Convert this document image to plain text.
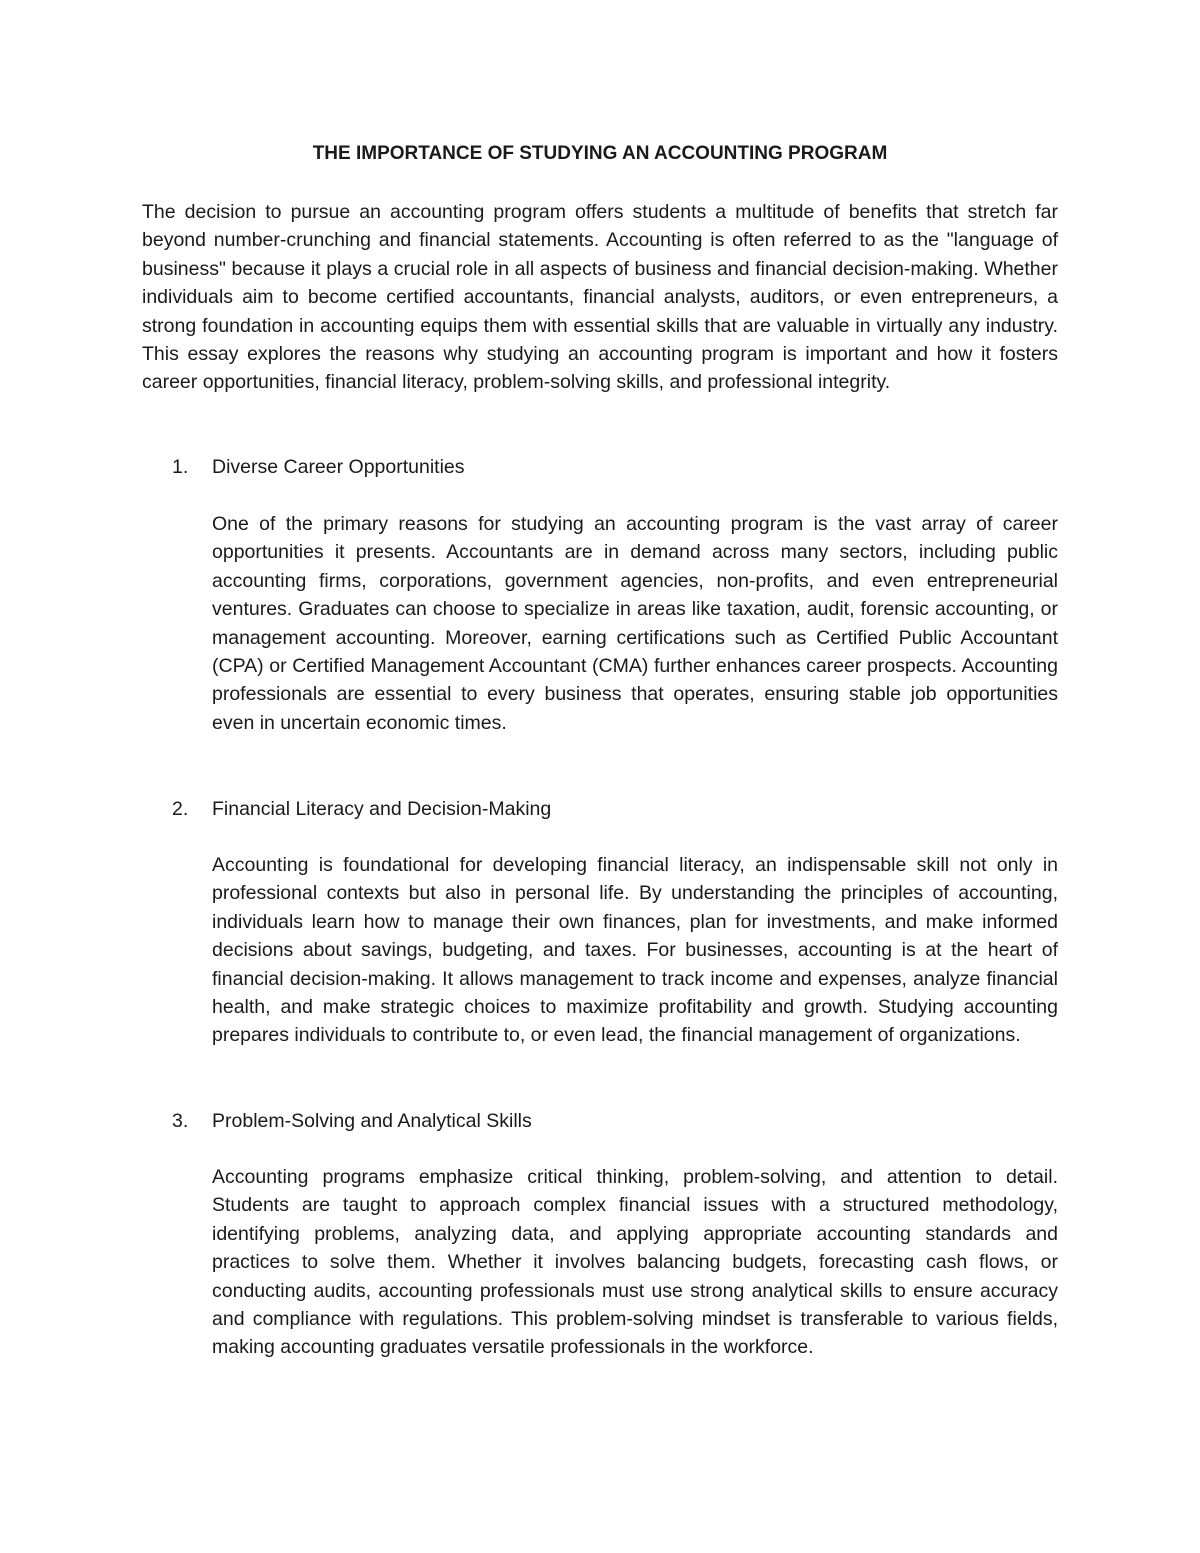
THE IMPORTANCE OF STUDYING AN ACCOUNTING PROGRAM

The decision to pursue an accounting program offers students a multitude of benefits that stretch far beyond number-crunching and financial statements. Accounting is often referred to as the "language of business" because it plays a crucial role in all aspects of business and financial decision-making. Whether individuals aim to become certified accountants, financial analysts, auditors, or even entrepreneurs, a strong foundation in accounting equips them with essential skills that are valuable in virtually any industry. This essay explores the reasons why studying an accounting program is important and how it fosters career opportunities, financial literacy, problem-solving skills, and professional integrity.

1. Diverse Career Opportunities

One of the primary reasons for studying an accounting program is the vast array of career opportunities it presents. Accountants are in demand across many sectors, including public accounting firms, corporations, government agencies, non-profits, and even entrepreneurial ventures. Graduates can choose to specialize in areas like taxation, audit, forensic accounting, or management accounting. Moreover, earning certifications such as Certified Public Accountant (CPA) or Certified Management Accountant (CMA) further enhances career prospects. Accounting professionals are essential to every business that operates, ensuring stable job opportunities even in uncertain economic times.

2. Financial Literacy and Decision-Making

Accounting is foundational for developing financial literacy, an indispensable skill not only in professional contexts but also in personal life. By understanding the principles of accounting, individuals learn how to manage their own finances, plan for investments, and make informed decisions about savings, budgeting, and taxes. For businesses, accounting is at the heart of financial decision-making. It allows management to track income and expenses, analyze financial health, and make strategic choices to maximize profitability and growth. Studying accounting prepares individuals to contribute to, or even lead, the financial management of organizations.

3. Problem-Solving and Analytical Skills

Accounting programs emphasize critical thinking, problem-solving, and attention to detail. Students are taught to approach complex financial issues with a structured methodology, identifying problems, analyzing data, and applying appropriate accounting standards and practices to solve them. Whether it involves balancing budgets, forecasting cash flows, or conducting audits, accounting professionals must use strong analytical skills to ensure accuracy and compliance with regulations. This problem-solving mindset is transferable to various fields, making accounting graduates versatile professionals in the workforce.
